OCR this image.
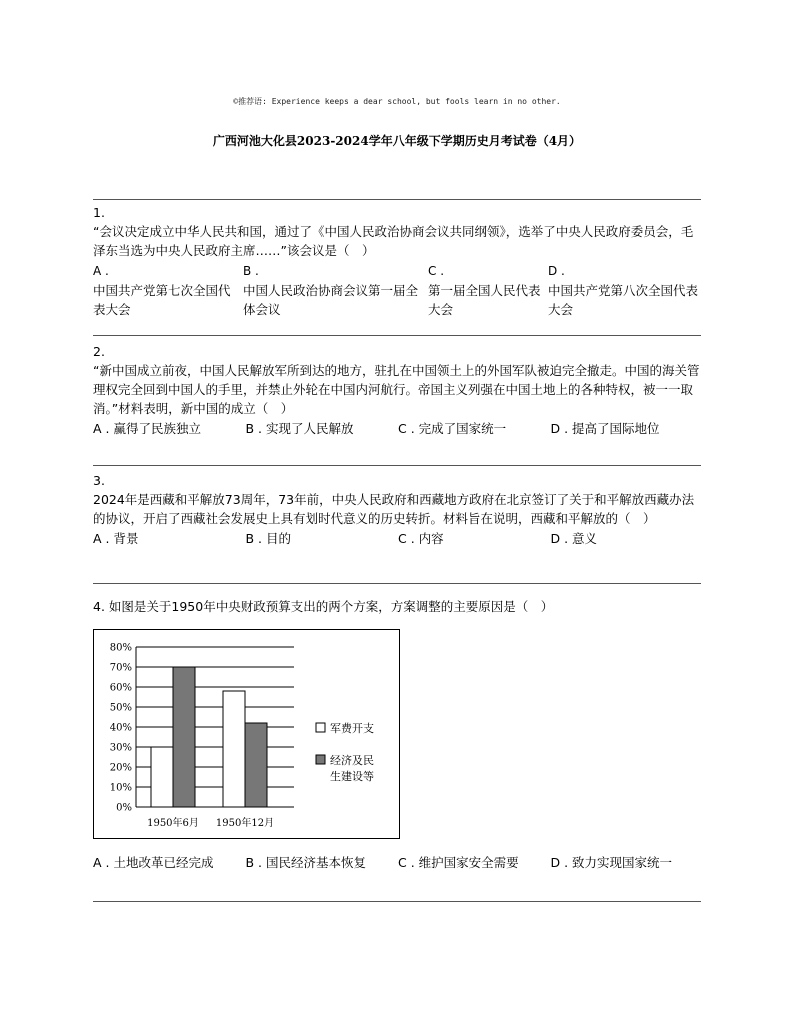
©推荐语: Experience keeps a dear school, but fools learn in no other.
广西河池大化县2023-2024学年八年级下学期历史月考试卷（4月）
1.
“会议决定成立中华人民共和国，通过了《中国人民政治协商会议共同纲领》，选举了中央人民政府委员会，毛泽东当选为中央人民政府主席……”该会议是（　）
A .
中国共产党第七次全国代表大会
B .
中国人民政治协商会议第一届全体会议
C .
第一届全国人民代表大会
D .
中国共产党第八次全国代表大会
2.
“新中国成立前夜，中国人民解放军所到达的地方，驻扎在中国领土上的外国军队被迫完全撤走。中国的海关管理权完全回到中国人的手里，并禁止外轮在中国内河航行。帝国主义列强在中国土地上的各种特权，被一一取消。”材料表明，新中国的成立（　）
A . 赢得了民族独立	B . 实现了人民解放	C . 完成了国家统一	D . 提高了国际地位
3.
2024年是西藏和平解放73周年，73年前，中央人民政府和西藏地方政府在北京签订了关于和平解放西藏办法的协议，开启了西藏社会发展史上具有划时代意义的历史转折。材料旨在说明，西藏和平解放的（　）
A . 背景	B . 目的	C . 内容	D . 意义
4. 如图是关于1950年中央财政预算支出的两个方案，方案调整的主要原因是（　）
0%
10%
20%
30%
40%
50%
60%
70%
80%
1950年6月 1950年12月
军费开支
经济及民
生建设等
A . 土地改革已经完成	B . 国民经济基本恢复	C . 维护国家安全需要	D . 致力实现国家统一
